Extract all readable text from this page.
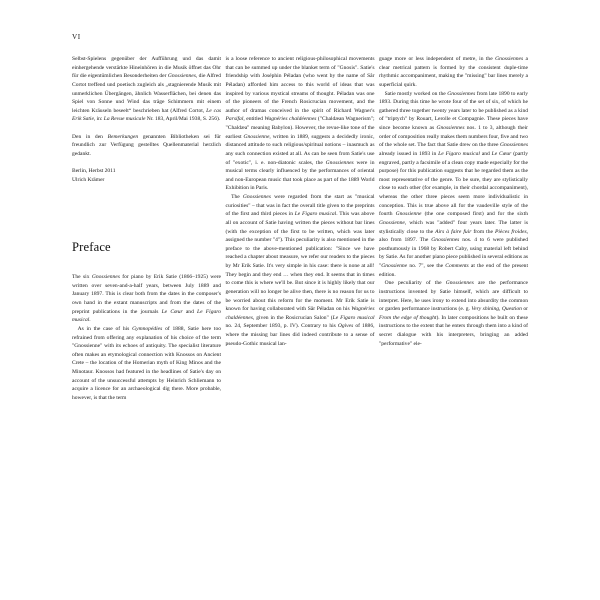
VI

Selbst-Spielens gegenüber der Aufführung und das damit einhergehende verstärkte Hineinhören in die Musik öffnet das Ohr für die eigentümlichen Besonderheiten der Gnossiennes, die Alfred Cortot treffend und poetisch zugleich als „stagnierende Musik mit unmerklichen Übergängen, ähnlich Wasserflächen, bei denen das Spiel von Sonne und Wind das träge Schimmern mit einem leichten Kräuseln beseelt“ beschrieben hat (Alfred Cortot, Le cas Erik Satie, in: La Revue musicale Nr. 183, April/Mai 1938, S. 256).

Den in den Bemerkungen genannten Bibliotheken sei für freundlich zur Verfügung gestelltes Quellenmaterial herzlich gedankt.

Berlin, Herbst 2011

Ulrich Krämer

Preface

The six Gnossiennes for piano by Erik Satie (1866–1925) were written over seven-and-a-half years, between July 1889 and January 1897. This is clear both from the dates in the composer's own hand in the extant manuscripts and from the dates of the preprint publications in the journals Le Cœur and Le Figaro musical.

As in the case of his Gymnopédies of 1888, Satie here too refrained from offering any explanation of his choice of the term "Gnossienne" with its echoes of antiquity. The specialist literature often makes an etymological connection with Knossos on Ancient Crete – the location of the Homerian myth of King Minos and the Minotaur. Knossos had featured in the headlines of Satie's day on account of the unsuccessful attempts by Heinrich Schliemann to acquire a licence for an archaeological dig there. More probable, however, is that the term

is a loose reference to ancient religious-philosophical movements that can be summed up under the blanket term of "Gnosis". Satie's friendship with Joséphin Péladan (who went by the name of Sâr Péladan) afforded him access to this world of ideas that was inspired by various mystical streams of thought. Péladan was one of the pioneers of the French Rosicrucian movement, and the author of dramas conceived in the spirit of Richard Wagner's Parsifal, entitled Wagnéries chaldéennes ("Chaldæan Wagnerism"; "Chaldæa" meaning Babylon). However, the revue-like tone of the earliest Gnossienne, written in 1889, suggests a decidedly ironic, distanced attitude to such religious/spiritual notions – inasmuch as any such connection existed at all. As can be seen from Satie's use of "exotic", i. e. non-diatonic scales, the Gnossiennes were in musical terms clearly influenced by the performances of oriental and non-European music that took place as part of the 1889 World Exhibition in Paris.

The Gnossiennes were regarded from the start as "musical curiosities" – that was in fact the overall title given to the preprints of the first and third pieces in Le Figaro musical. This was above all on account of Satie having written the pieces without bar lines (with the exception of the first to be written, which was later assigned the number "4"). This peculiarity is also mentioned in the preface to the above-mentioned publication: "Since we have reached a chapter about measure, we refer our readers to the pieces by Mr Erik Satie. It's very simple in his case: there is none at all! They begin and they end … when they end. It seems that in times to come this is where we'll be. But since it is highly likely that our generation will no longer be alive then, there is no reason for us to be worried about this reform for the moment. Mr Erik Satie is known for having collaborated with Sâr Péladan on his Wagnéries chaldéennes, given in the Rosicrucian Salon" (Le Figaro musical no. 24, September 1893, p. IV). Contrary to his Ogives of 1886, where the missing bar lines did indeed contribute to a sense of pseudo-Gothic musical lan-

guage more or less independent of metre, in the Gnossiennes a clear metrical pattern is formed by the consistent duple-time rhythmic accompaniment, making the "missing" bar lines merely a superficial quirk.

Satie mostly worked on the Gnossiennes from late 1890 to early 1893. During this time he wrote four of the set of six, of which he gathered three together twenty years later to be published as a kind of "triptych" by Rouart, Lerolle et Compagnie. These pieces have since become known as Gnossiennes nos. 1 to 3, although their order of composition really makes them numbers four, five and two of the whole set. The fact that Satie drew on the three Gnossiennes already issued in 1893 in Le Figaro musical and Le Cœur (partly engraved, partly a facsimile of a clean copy made especially for the purpose) for this publication suggests that he regarded them as the most representative of the genre. To be sure, they are stylistically close to each other (for example, in their chordal accompaniment), whereas the other three pieces seem more individualistic in conception. This is true above all for the vaudeville style of the fourth Gnossienne (the one composed first) and for the sixth Gnossienne, which was "added" four years later. The latter is stylistically close to the Airs à faire fuir from the Pièces froides, also from 1897. The Gnossiennes nos. 4 to 6 were published posthumously in 1968 by Robert Caby, using material left behind by Satie. As for another piano piece published in several editions as "Gnossienne no. 7", see the Comments at the end of the present edition.

One peculiarity of the Gnossiennes are the performance instructions invented by Satie himself, which are difficult to interpret. Here, he uses irony to extend into absurdity the common or garden performance instructions (e. g. Very shining, Question or From the edge of thought). In later compositions he built on these instructions to the extent that he enters through them into a kind of secret dialogue with his interpreters, bringing an added "performative" ele-
